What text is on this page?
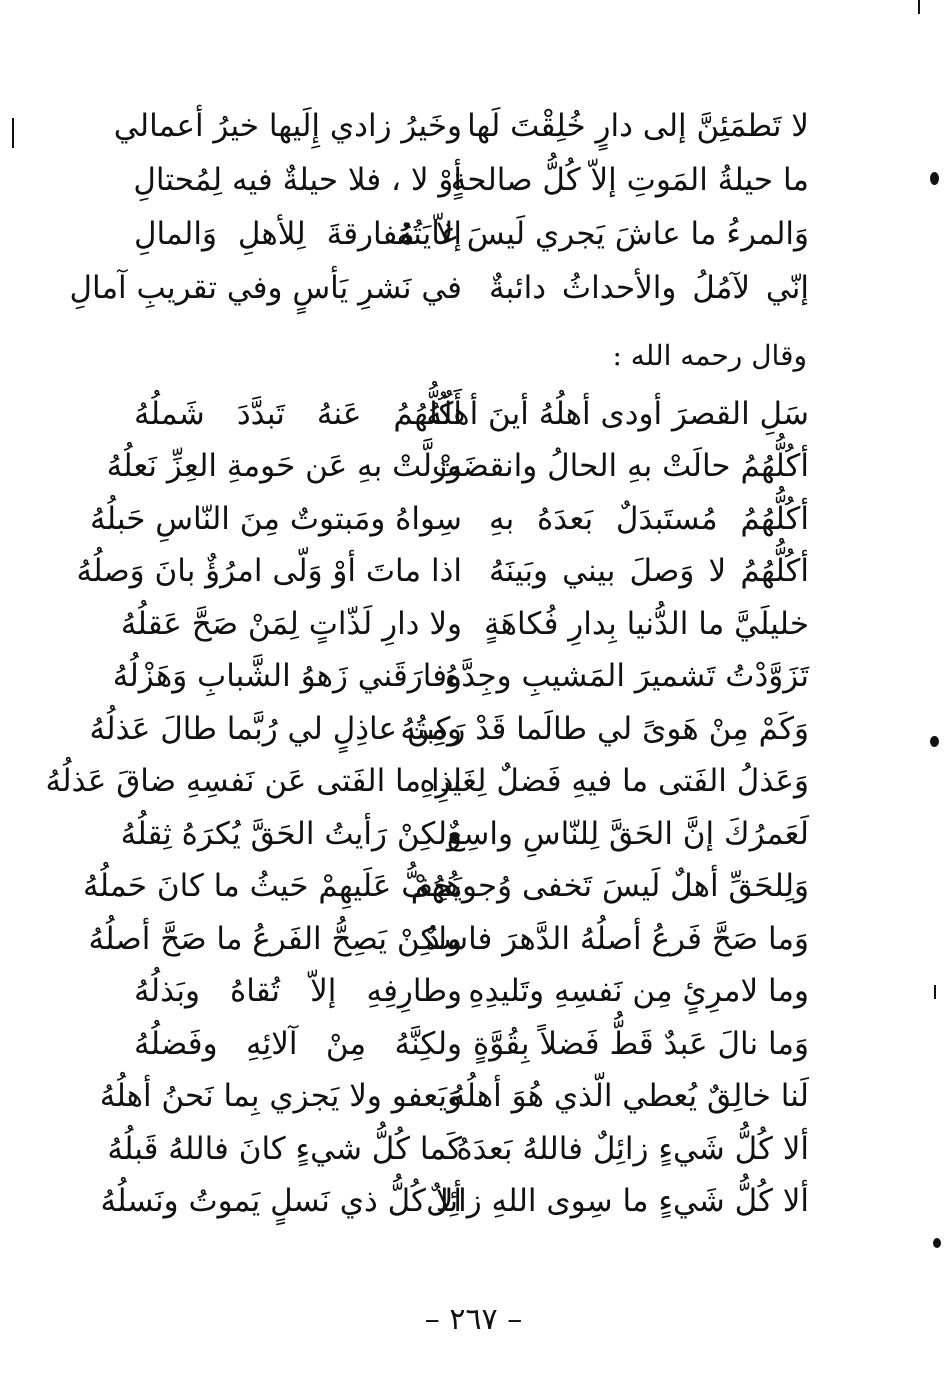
لا تَطمَئِنَّ إلى دارٍ خُلِقْتَ لَها
وخَيرُ زادي إِلَيها خيرُ أعمالي
ما حيلةُ المَوتِ إلاّ كُلُّ صالحةٍ
أوْ لا ، فلا حيلةٌ فيه لِمُحتالِ
وَالمرءُ ما عاشَ يَجري لَيسَ غايَتُهُ
إلاّ مُفارقةَ لِلأهلِ وَالمالِ
إنّي لآمُلُ والأحداثُ دائبةٌ
في نَشرِ يَأسٍ وفي تقريبِ آمالِ
وقال رحمه الله :
سَلِ القصرَ أودى أهلُهُ أينَ أهلُهُ
أَكُلُّهُمُ عَنهُ تَبدَّدَ شَملُهُ
أكُلُّهُمُ حالَتْ بهِ الحالُ وانقضَتْ
وزلَّتْ بهِ عَن حَومةِ العِزِّ نَعلُهُ
أكُلُّهُمُ مُستَبدَلٌ بَعدَهُ بهِ
سِواهُ ومَبتوتٌ مِنَ النّاسِ حَبلُهُ
أكُلُّهُمُ لا وَصلَ بيني وبَينَهُ
اذا ماتَ أوْ وَلّى امرُؤٌ بانَ وَصلُهُ
خليلَيَّ ما الدُّنيا بِدارِ فُكاهَةٍ
ولا دارِ لَذّاتٍ لِمَنْ صَحَّ عَقلُهُ
تَزَوَّدْتُ تَشميرَ المَشيبِ وجِدَّهُ
وفارَقَني زَهوُ الشَّبابِ وَهَزْلُهُ
وَكَمْ مِنْ هَوىً لي طالَما قَدْ رَكِبتُهُ
ومِن عاذِلٍ لي رُبَّما طالَ عَذلُهُ
وَعَذلُ الفَتى ما فيهِ فَضلٌ لِغَيرِهِ
اذا ما الفَتى عَن نَفسِهِ ضاقَ عَذلُهُ
لَعَمرُكَ إنَّ الحَقَّ لِلنّاسِ واسِعٌ
ولكِنْ رَأيتُ الحَقَّ يُكرَهُ ثِقلُهُ
وَلِلحَقِّ أهلٌ لَيسَ تَخفى وُجوهُهُمْ
يَخِفُّ عَلَيهِمْ حَيثُ ما كانَ حَملُهُ
وَما صَحَّ فَرعُ أصلُهُ الدَّهرَ فاسِدٌ
ولكِنْ يَصِحُّ الفَرعُ ما صَحَّ أصلُهُ
وما لامرِئٍ مِن نَفسِهِ وتَليدِهِ
وطارِفِهِ إلاّ تُقاهُ وبَذلُهُ
وَما نالَ عَبدٌ قَطُّ فَضلاً بِقُوَّةٍ
ولكِنَّهُ مِنْ آلائِهِ وفَضلُهُ
لَنا خالِقٌ يُعطي الّذي هُوَ أهلُهُ
وَيَعفو ولا يَجزي بِما نَحنُ أهلُهُ
ألا كُلُّ شَيءٍ زائِلٌ فاللهُ بَعدَهُ
كَما كُلُّ شيءٍ كانَ فاللهُ قَبلُهُ
ألا كُلُّ شَيءٍ ما سِوى اللهِ زائِلٌ
ألا كُلُّ ذي نَسلٍ يَموتُ ونَسلُهُ
– ٢٦٧ –
